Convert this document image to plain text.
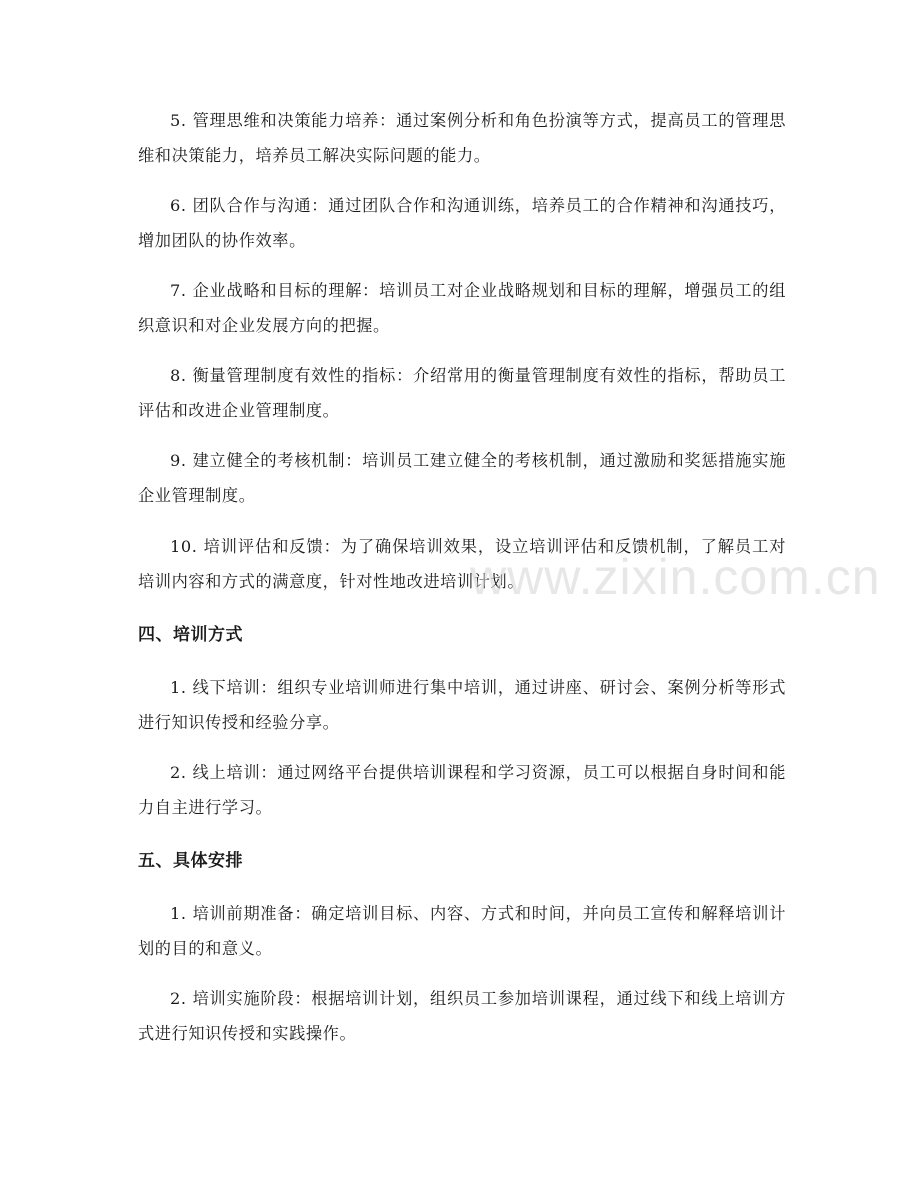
5. 管理思维和决策能力培养：通过案例分析和角色扮演等方式，提高员工的管理思维和决策能力，培养员工解决实际问题的能力。

6. 团队合作与沟通：通过团队合作和沟通训练，培养员工的合作精神和沟通技巧，增加团队的协作效率。

7. 企业战略和目标的理解：培训员工对企业战略规划和目标的理解，增强员工的组织意识和对企业发展方向的把握。

8. 衡量管理制度有效性的指标：介绍常用的衡量管理制度有效性的指标，帮助员工评估和改进企业管理制度。

9. 建立健全的考核机制：培训员工建立健全的考核机制，通过激励和奖惩措施实施企业管理制度。

10. 培训评估和反馈：为了确保培训效果，设立培训评估和反馈机制，了解员工对培训内容和方式的满意度，针对性地改进培训计划。

www.zixin.com.cn
四、培训方式

1. 线下培训：组织专业培训师进行集中培训，通过讲座、研讨会、案例分析等形式进行知识传授和经验分享。

2. 线上培训：通过网络平台提供培训课程和学习资源，员工可以根据自身时间和能力自主进行学习。

五、具体安排

1. 培训前期准备：确定培训目标、内容、方式和时间，并向员工宣传和解释培训计划的目的和意义。

2. 培训实施阶段：根据培训计划，组织员工参加培训课程，通过线下和线上培训方式进行知识传授和实践操作。
